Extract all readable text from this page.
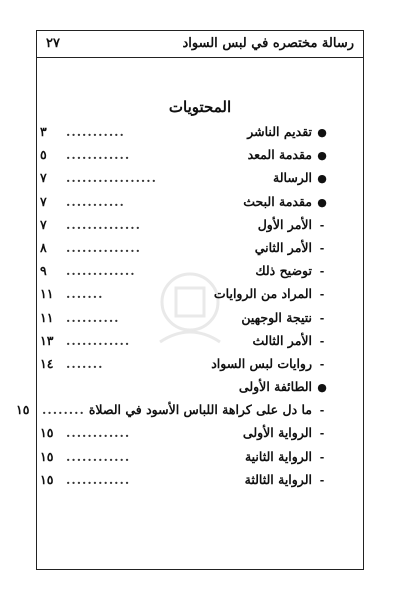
رسالة مختصره في لبس السواد
٢٧
المحتويات
●
تقديم الناشر
...........
٣
●
مقدمة المعد
............
٥
●
الرسالة
.................
٧
●
مقدمة البحث
...........
٧
-
الأمر الأول
..............
٧
-
الأمر الثاني
..............
٨
-
توضيح ذلك
.............
٩
-
المراد من الروايات
.......
١١
-
نتيجة الوجهين
..........
١١
-
الأمر الثالث
............
١٣
-
روايات لبس السواد
.......
١٤
●
الطائفة الأولى
-
ما دل على كراهة اللباس الأسود في الصلاة
........
١٥
-
الرواية الأولى
............
١٥
-
الرواية الثانية
............
١٥
-
الرواية الثالثة
............
١٥
